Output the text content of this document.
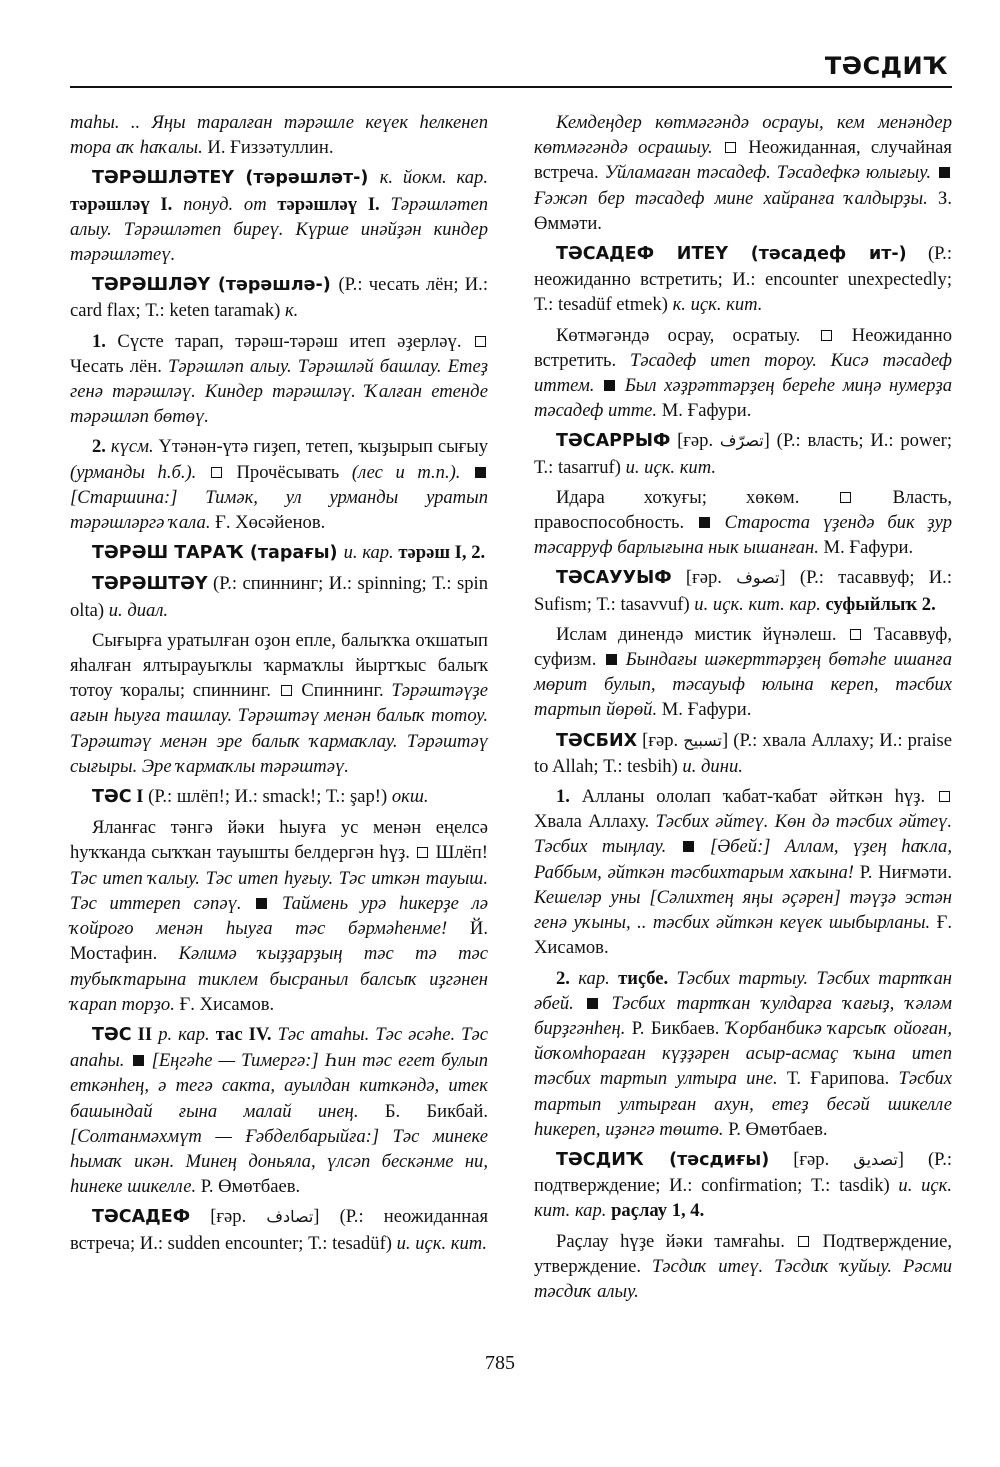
ТӘСДИҠ

таһы. .. Яңы таралған тәрәшле кеүек һелкенеп тора аҡ һаҡалы. И. Ғиззәтуллин.

ТӘРӘШЛӘТЕҮ (тәрәшләт-) к. йокм. кар. тәрәшләү І. понуд. от тәрәшләү І. Тәрәшләтеп алыу. Тәрәшләтеп биреү. Күрше инәйҙән киндер тәрәшләтеү.

ТӘРӘШЛӘҮ (тәрәшлә-) (Р.: чесать лён; И.: card flax; Т.: keten taramak) к.

1. Сүсте тарап, тәрәш-тәрәш итеп әҙерләү.  Чесать лён. Тәрәшләп алыу. Тәрәшләй башлау. Етеҙ генә тәрәшләү. Киндер тәрәшләү. Ҡалған етенде тәрәшләп бөтөү.

2. күсм. Үтәнән-үтә гиҙеп, тетеп, ҡыҙырып сығыу (урманды һ.б.).  Прочёсывать (лес и т.п.).  [Старшина:] Тимәк, ул урманды уратып тәрәшләргә ҡала. Ғ. Хөсәйенов.

ТӘРӘШ ТАРАҠ (тарағы) и. кар. тәрәш І, 2.

ТӘРӘШТӘҮ (Р.: спиннинг; И.: spinning; Т.: spin olta) и. диал.

Сығырға уратылған оҙон епле, балыҡҡа оҡшатып яһалған ялтырауыҡлы ҡармаҡлы йыртҡыс балыҡ тотоу ҡоралы; спиннинг.  Спиннинг. Тәрәштәүҙе ағын һыуға ташлау. Тәрәштәү менән балыҡ тотоу. Тәрәштәү менән эре балыҡ ҡармаҡлау. Тәрәштәү сығыры. Эре ҡармаҡлы тәрәштәү.

ТӘС І (Р.: шлёп!; И.: smack!; Т.: şap!) окш.

Яланғас тәнгә йәки һыуға ус менән еңелсә һуҡҡанда сыҡҡан тауышты белдергән һүҙ.  Шлёп! Тәс итеп ҡалыу. Тәс итеп һуғыу. Тәс иткән тауыш. Тәс иттереп сәпәү.  Таймень урә һикерҙе лә ҡойроғо менән һыуға тәс бәрмәһенме! Й. Мостафин. Кәлимә ҡыҙҙарҙың тәс тә тәс тубыҡтарына тиклем бысраныл балсыҡ иҙгәнен ҡарап торҙо. Ғ. Хисамов.

ТӘС ІІ р. кар. тас IV. Тәс атаһы. Тәс әсәһе. Тәс апаһы.  [Еңгәһе — Тимергә:] Һин тәс егет булып еткәнһең, ә тегә сакта, ауылдан киткәндә, итек башындай ғына малай инең. Б. Бикбай. [Солтанмәхмүт — Ғәбделбарыйға:] Тәс минеке һымаҡ икән. Минең доньяла, үлсәп бескәнме ни, һинеке шикелле. Р. Өмөтбаев.

ТӘСАДЕФ [ғәр. تصادف] (Р.: неожиданная встреча; И.: sudden encounter; Т.: tesadüf) и. иҫк. кит.

Кемдеңдер көтмәгәндә осрауы, кем менәндер көтмәгәндә осрашыу.  Неожиданная, случайная встреча. Уйламаған тәсадеф. Тәсадефкә юлығыу.  Ғәжәп бер тәсадеф мине хайранға ҡалдырҙы. З. Өммәти.

ТӘСАДЕФ ИТЕҮ (тәсадеф ит-) (Р.: неожиданно встретить; И.: encounter unexpectedly; Т.: tesadüf etmek) к. иҫк. кит.

Көтмәгәндә осрау, осратыу.  Неожиданно встретить. Тәсадеф итеп тороу. Кисә тәсадеф иттем.  Был хәҙрәттәрҙең береһе миңә нумерҙа тәсадеф итте. М. Ғафури.

ТӘСАРРЫФ [ғәр. تصرّف] (Р.: власть; И.: power; Т.: tasarruf) и. иҫк. кит.

Идара хоҡуғы; хөкөм.	Власть, правоспособность.  Староста үҙендә бик ҙур тәсарруф барлығына нык ышанған. М. Ғафури.

ТӘСАУУЫФ [ғәр. تصوف] (Р.: тасаввуф; И.: Sufism; Т.: tasavvuf) и. иҫк. кит. кар. суфыйлыҡ 2.

Ислам динендә мистик йүнәлеш.  Тасаввуф, суфизм.  Бындағы шәкерттәрҙең бөтәһе ишанға мөрит булып, тәсауыф юлына кереп, тәсбих тартып йөрөй. М. Ғафури.

ТӘСБИХ [ғәр. تسبيح] (Р.: хвала Аллаху; И.: praise to Allah; Т.: tesbih) и. дини.

1. Алланы ололап ҡабат-ҡабат әйткән һүҙ.  Хвала Аллаху. Тәсбих әйтеү. Көн дә тәсбих әйтеү. Тәсбих тыңлау.  [Әбей:] Аллам, үҙең һаҡла, Раббым, әйткән тәсбихтарым хаҡына! Р. Ниғмәти. Кешеләр уны [Сәлихтең яңы әҫәрен] тәүҙә эстән генә уҡыны, .. тәсбих әйткән кеүек шыбырланы. Ғ. Хисамов.

2. кар. тиҫбе. Тәсбих тартыу. Тәсбих тартҡан әбей.  Тәсбих тартҡан ҡулдарға ҡағыҙ, ҡәләм бирҙгәнһең. Р. Бикбаев. Ҡорбанбикә ҡарсыҡ ойоған, йоҡомһораған күҙҙәрен асыр-асмаҫ ҡына итеп тәсбих тартып ултыра ине. Т. Ғарипова. Тәсбих тартып ултырған ахун, етеҙ бесәй шикелле һикереп, иҙәнгә төштө. Р. Өмөтбаев.

ТӘСДИҠ (тәсдиғы) [ғәр. تصديق] (Р.: подтверждение; И.: confirmation; Т.: tasdik) и. иҫк. кит. кар. раҫлау 1, 4.

Раҫлау һүҙе йәки тамғаһы.  Подтверждение, утверждение. Тәсдиҡ итеү. Тәсдиҡ ҡуйыу. Рәсми тәсдиҡ алыу.

785
